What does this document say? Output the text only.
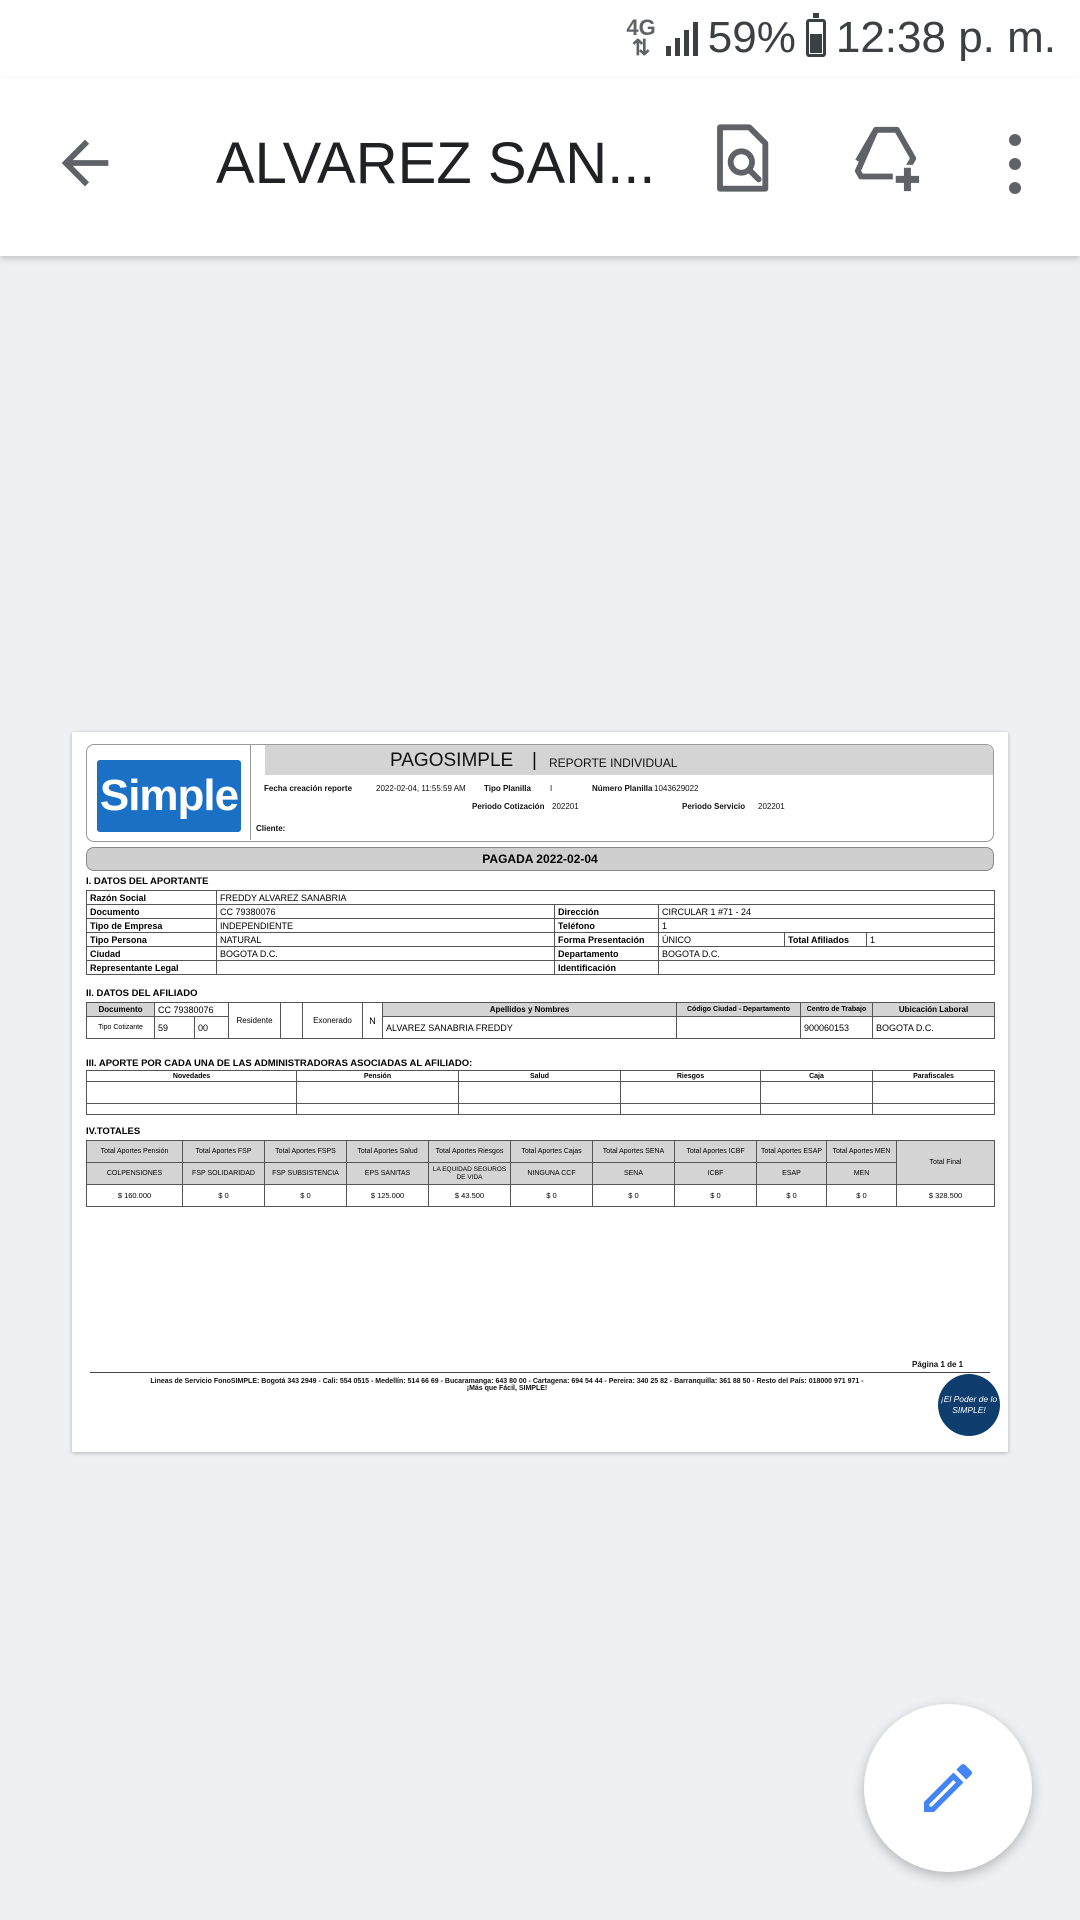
4G
⇅ 59% 12:38 p. m.
ALVAREZ SAN...
Simple
PAGOSIMPLE | REPORTE INDIVIDUAL
Fecha creación reporte	2022-02-04, 11:55:59 AM Tipo Planilla I	Número Planilla 1043629022
Periodo Cotización 202201	Periodo Servicio 202201
Cliente:
PAGADA 2022-02-04
I. DATOS DEL APORTANTE
Razón Social	FREDDY ALVAREZ SANABRIA				
Documento	CC 79380076	Dirección	CIRCULAR 1 #71 - 24		
Tipo de Empresa	INDEPENDIENTE	Teléfono	1		
Tipo Persona	NATURAL	Forma Presentación	ÚNICO	Total Afiliados	1
Ciudad	BOGOTA D.C.	Departamento	BOGOTA D.C.		
Representante Legal		Identificación			
II. DATOS DEL AFILIADO
Documento	CC 79380076		Residente		Exonerado	N	Apellidos y Nombres	Código Ciudad - Departamento	Centro de Trabajo	Ubicación Laboral
Tipo Cotizante	59	00					ALVAREZ SANABRIA FREDDY		900060153	BOGOTA D.C.
III. APORTE POR CADA UNA DE LAS ADMINISTRADORAS ASOCIADAS AL AFILIADO:
Novedades	Pensión	Salud	Riesgos	Caja	Parafiscales

IV.TOTALES
Total Aportes Pensión	Total Aportes FSP	Total Aportes FSPS	Total Aportes Salud	Total Aportes Riesgos	Total Aportes Cajas	Total Aportes SENA	Total Aportes ICBF	Total Aportes ESAP	Total Aportes MEN	Total Final
COLPENSIONES	FSP SOLIDARIDAD	FSP SUBSISTENCIA	EPS SANITAS	LA EQUIDAD SEGUROS DE VIDA	NINGUNA CCF	SENA	ICBF	ESAP	MEN	
$ 160.000	$ 0	$ 0	$ 125.000	$ 43.500	$ 0	$ 0	$ 0	$ 0	$ 0	$ 328.500
Página 1 de 1
Lineas de Servicio FonoSIMPLE: Bogotá 343 2949 - Cali: 554 0515 - Medellín: 514 66 69 - Bucaramanga: 643 80 00 - Cartagena: 694 54 44 - Pereira: 340 25 82 - Barranquilla: 361 88 50 - Resto del País: 018000 971 971 -
¡Más que Fácil, SIMPLE!
¡El Poder de lo SIMPLE!
